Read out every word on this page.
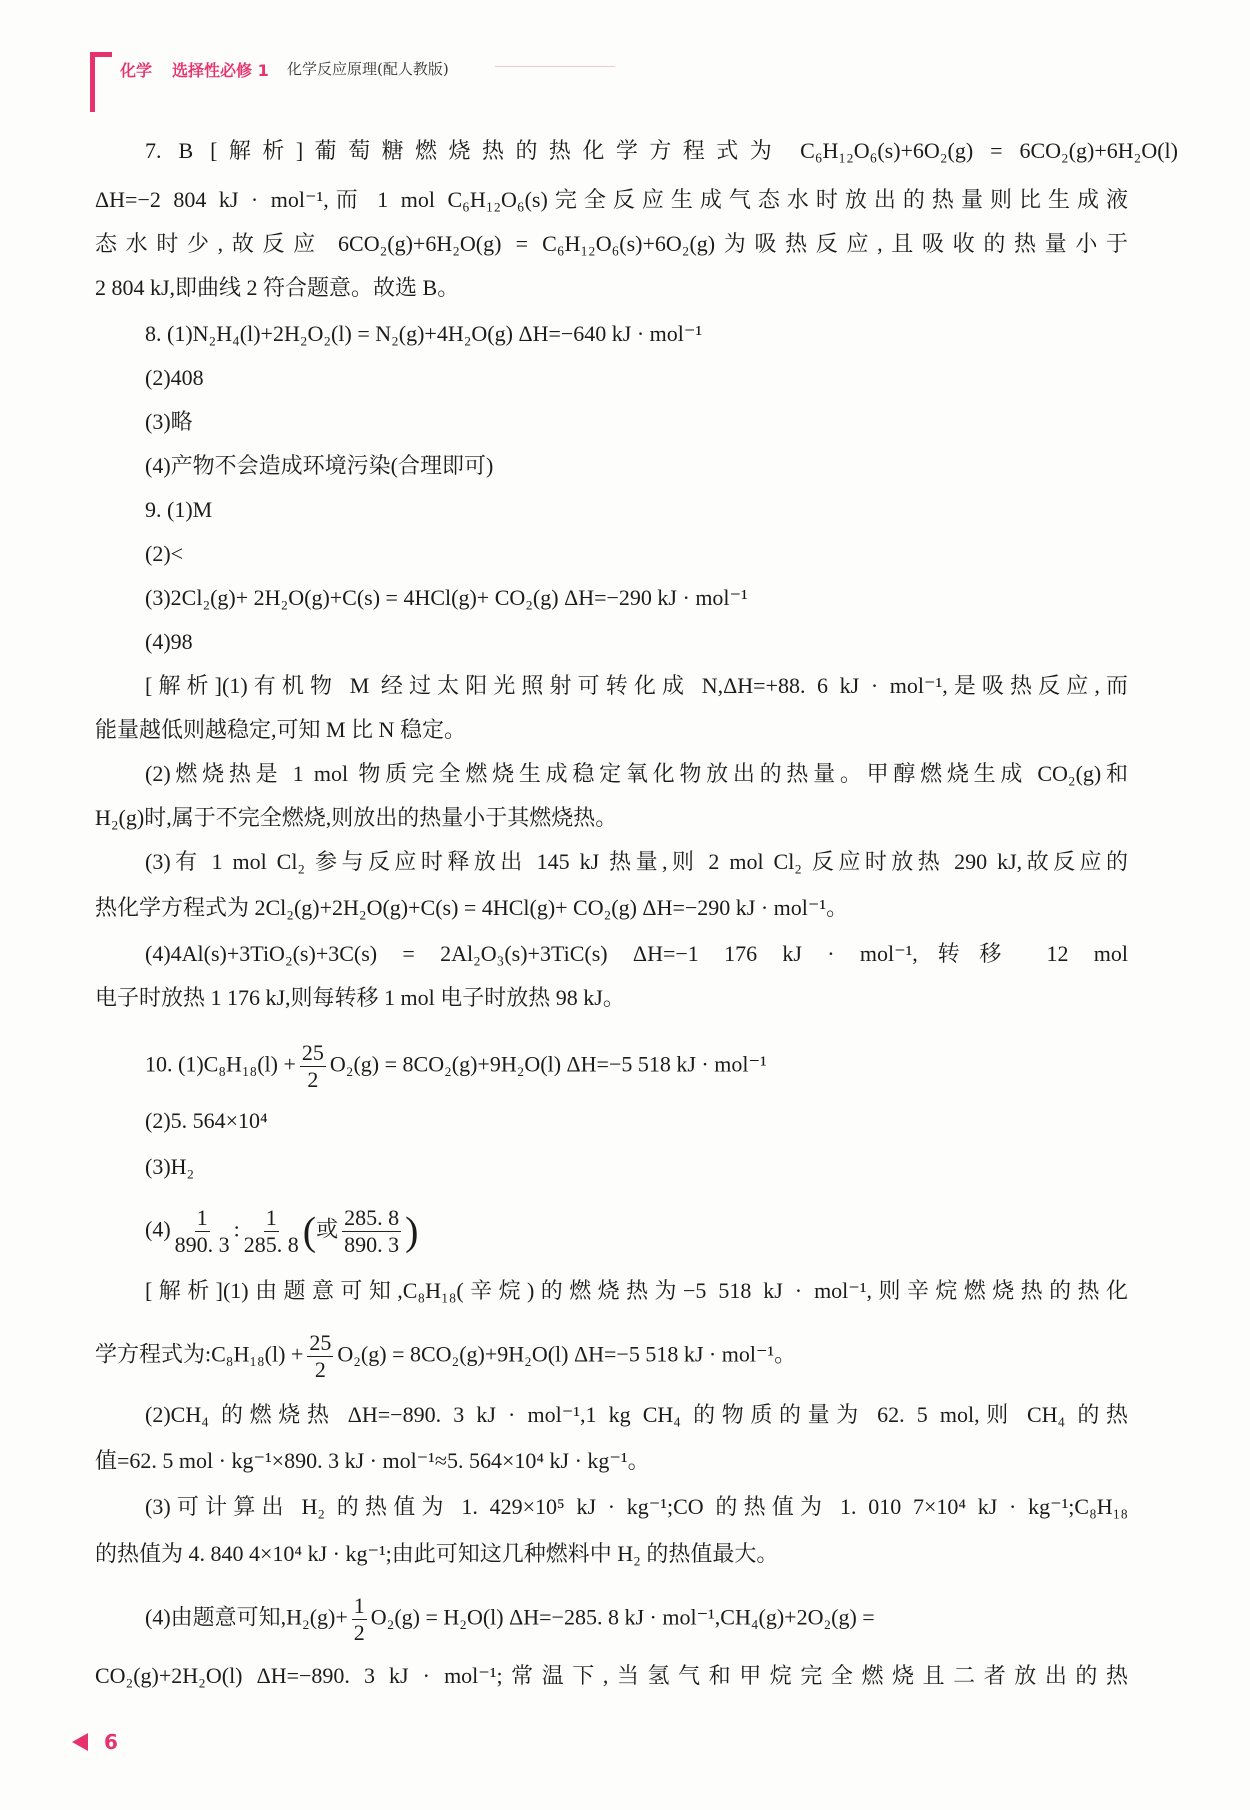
化学 选择性必修 1 化学反应原理(配人教版)
7. B [解析]葡萄糖燃烧热的热化学方程式为 C₆H₁₂O₆(s)+6O₂(g) = 6CO₂(g)+6H₂O(l)
ΔH=−2 804 kJ · mol⁻¹,而 1 mol C₆H₁₂O₆(s)完全反应生成气态水时放出的热量则比生成液
态水时少,故反应 6CO₂(g)+6H₂O(g) = C₆H₁₂O₆(s)+6O₂(g)为吸热反应,且吸收的热量小于
2 804 kJ,即曲线 2 符合题意。故选 B。
8. (1)N₂H₄(l)+2H₂O₂(l) = N₂(g)+4H₂O(g) ΔH=−640 kJ · mol⁻¹
(2)408
(3)略
(4)产物不会造成环境污染(合理即可)
9. (1)M
(2)<
(3)2Cl₂(g)+ 2H₂O(g)+C(s) = 4HCl(g)+ CO₂(g) ΔH=−290 kJ · mol⁻¹
(4)98
[解析](1)有机物 M 经过太阳光照射可转化成 N,ΔH=+88. 6 kJ · mol⁻¹,是吸热反应,而
能量越低则越稳定,可知 M 比 N 稳定。
(2)燃烧热是 1 mol 物质完全燃烧生成稳定氧化物放出的热量。甲醇燃烧生成 CO₂(g)和
H₂(g)时,属于不完全燃烧,则放出的热量小于其燃烧热。
(3)有 1 mol Cl₂ 参与反应时释放出 145 kJ 热量,则 2 mol Cl₂ 反应时放热 290 kJ,故反应的
热化学方程式为 2Cl₂(g)+2H₂O(g)+C(s) = 4HCl(g)+ CO₂(g) ΔH=−290 kJ · mol⁻¹。
(4)4Al(s)+3TiO₂(s)+3C(s) = 2Al₂O₃(s)+3TiC(s) ΔH=−1 176 kJ · mol⁻¹,转移 12 mol
电子时放热 1 176 kJ,则每转移 1 mol 电子时放热 98 kJ。
10. $(1)C_8H_{18}(l) + \frac{25}{2} O_2(g) = 8CO_2(g)+9H_2O(l)$ ΔH=−5 518 kJ · mol⁻¹
(2)5. 564×10⁴
(3)H₂
$(4) \frac{1}{890. 3}$ : $\frac{1}{285. 8}$ (或 $\frac{285. 8}{890. 3}$ )
[解析](1)由题意可知,C₈H₁₈(辛烷)的燃烧热为−5 518 kJ · mol⁻¹,则辛烷燃烧热的热化
学方程式为:C₈H₁₈(l) + $\frac{25}{2} O_2(g) = 8CO_2(g)+9H_2O(l)$ ΔH=−5 518 kJ · mol⁻¹。
(2)CH₄ 的燃烧热 ΔH=−890. 3 kJ · mol⁻¹,1 kg CH₄ 的物质的量为 62. 5 mol,则 CH₄ 的热
值=62. 5 mol · kg⁻¹×890. 3 kJ · mol⁻¹≈5. 564×10⁴ kJ · kg⁻¹。
(3)可计算出 H₂ 的热值为 1. 429×10⁵ kJ · kg⁻¹;CO 的热值为 1. 010 7×10⁴ kJ · kg⁻¹;C₈H₁₈
的热值为 4. 840 4×10⁴ kJ · kg⁻¹;由此可知这几种燃料中 H₂ 的热值最大。
(4)由题意可知$,H_2(g)+ \frac{1}{2} O_2(g) = H_2O(l)$ ΔH=−285. 8 kJ · mol⁻¹,CH₄(g)+2O₂(g) =
CO₂(g)+2H₂O(l) ΔH=−890. 3 kJ · mol⁻¹;常温下,当氢气和甲烷完全燃烧且二者放出的热
6
